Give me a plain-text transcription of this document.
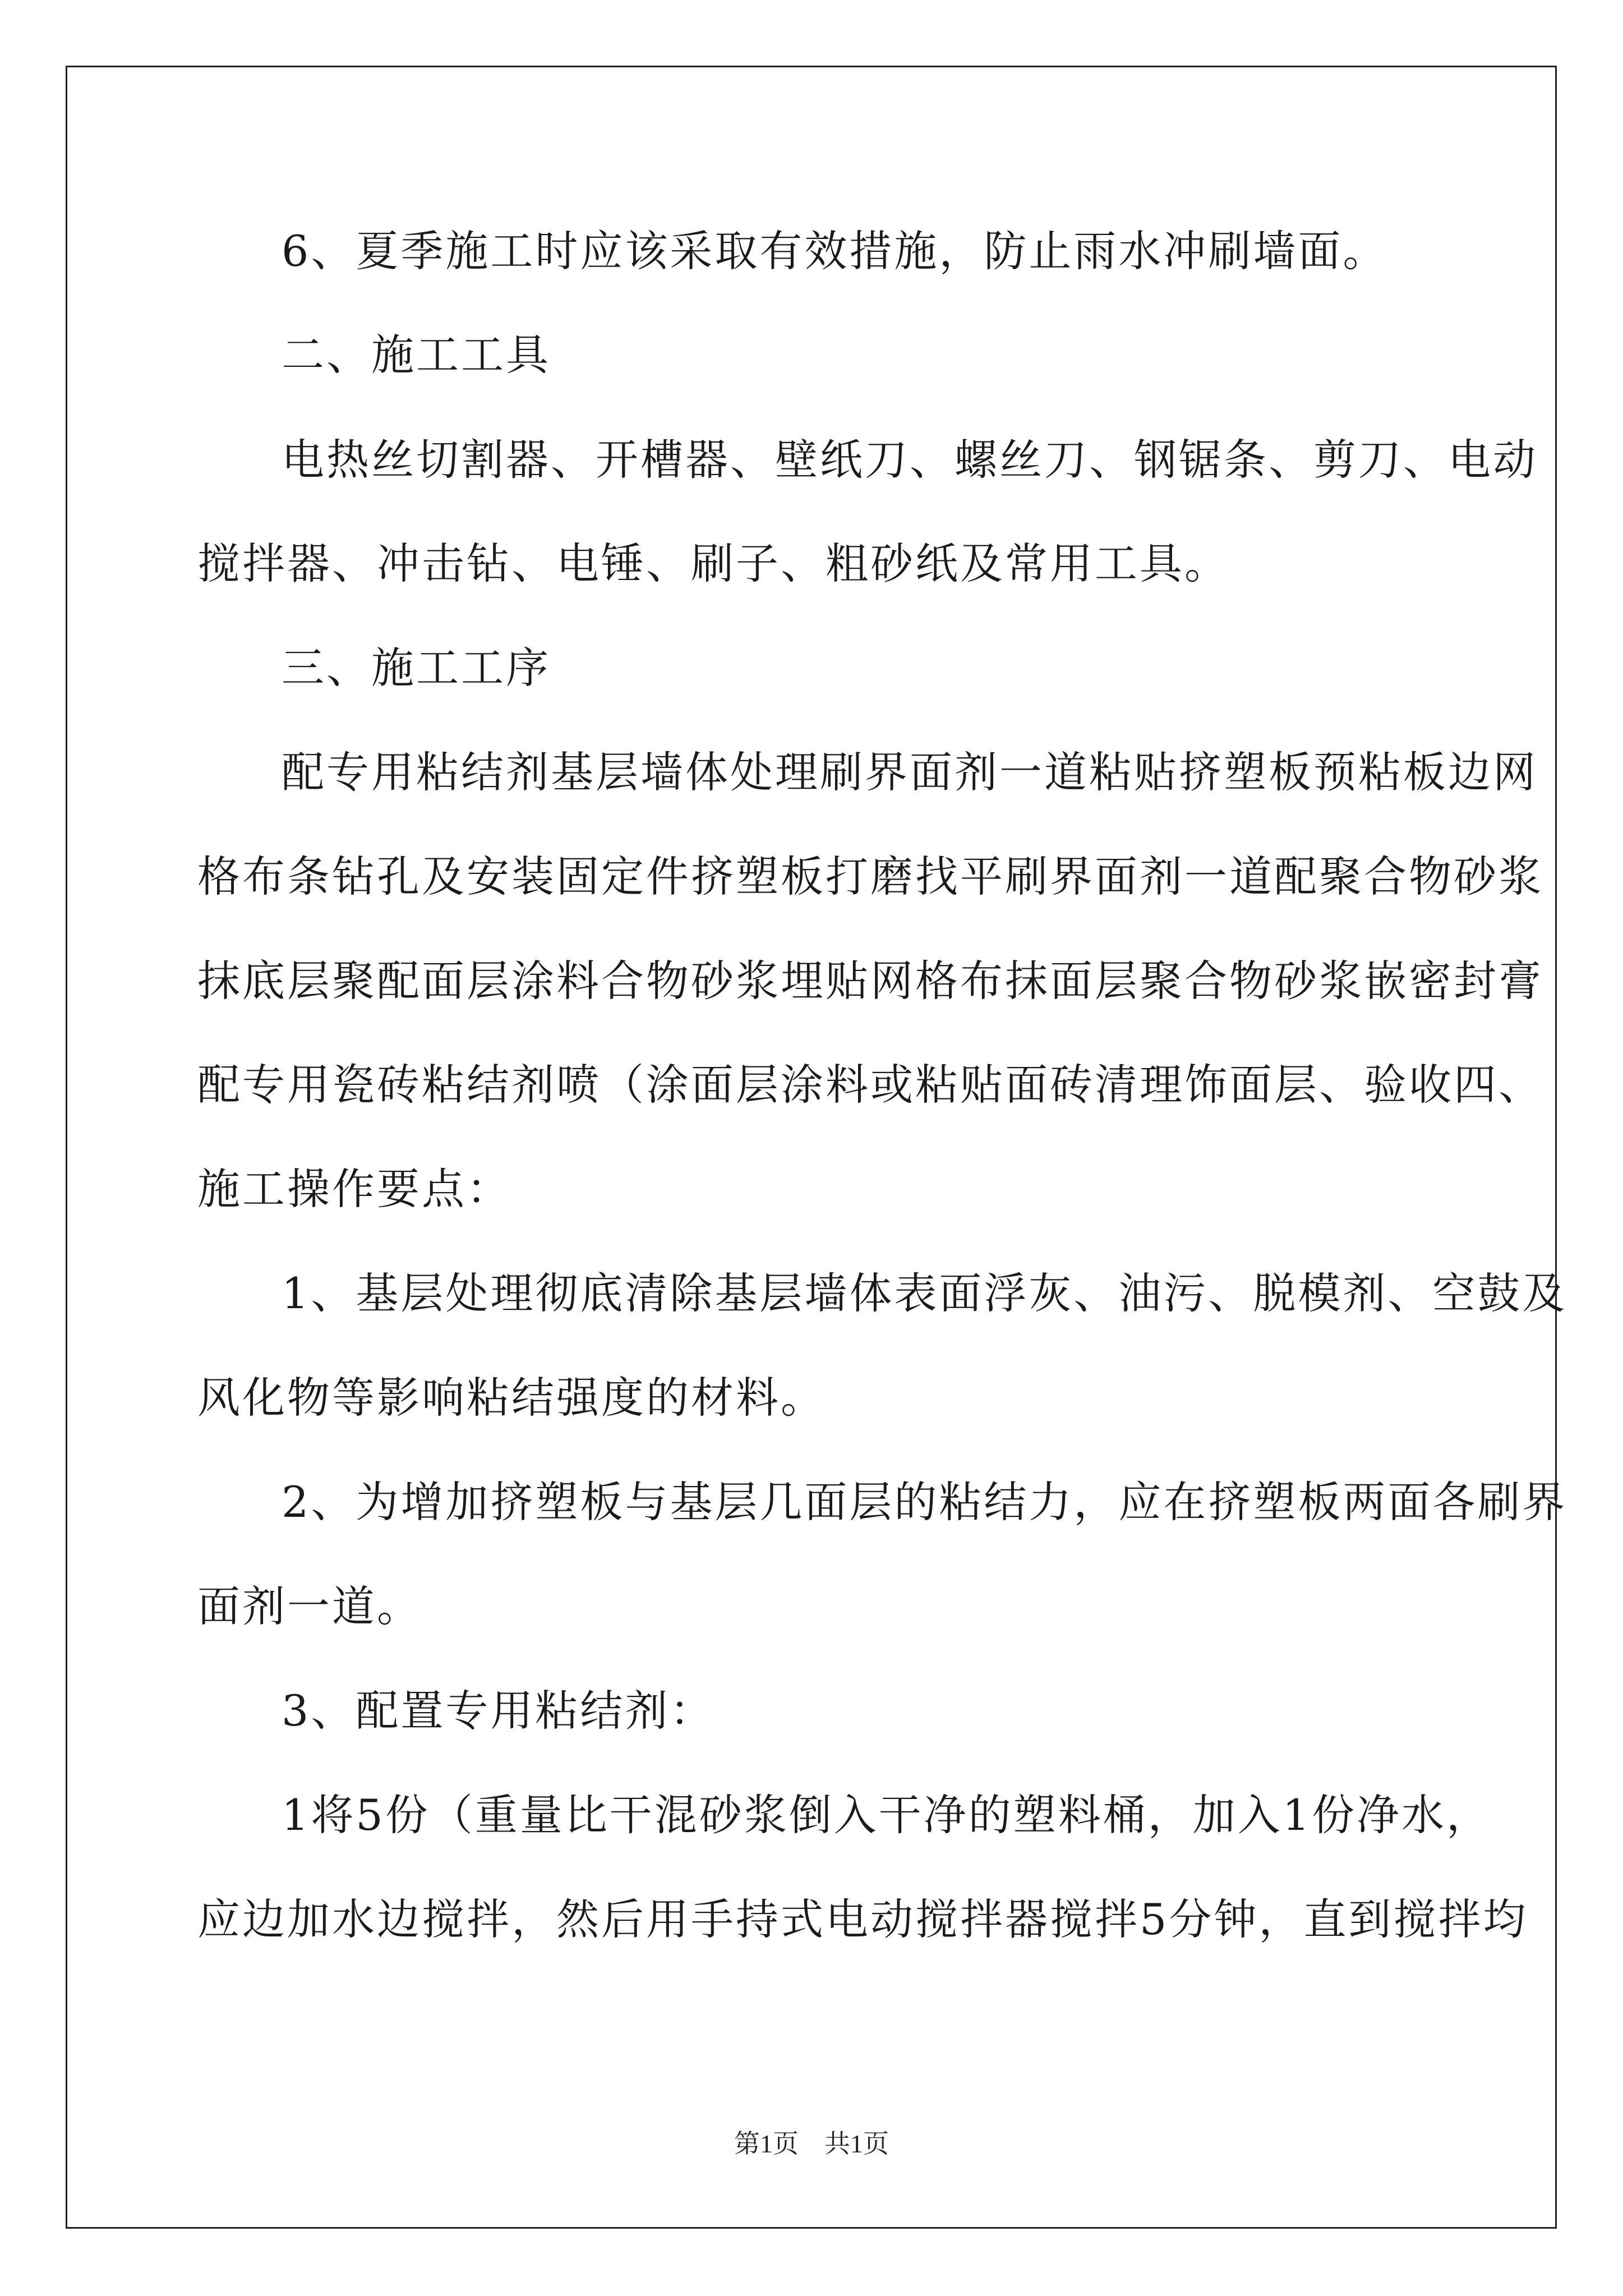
6、夏季施工时应该采取有效措施，防止雨水冲刷墙面。
二、施工工具
电热丝切割器、开槽器、壁纸刀、螺丝刀、钢锯条、剪刀、电动
搅拌器、冲击钻、电锤、刷子、粗砂纸及常用工具。
三、施工工序
配专用粘结剂基层墙体处理刷界面剂一道粘贴挤塑板预粘板边网
格布条钻孔及安装固定件挤塑板打磨找平刷界面剂一道配聚合物砂浆
抹底层聚配面层涂料合物砂浆埋贴网格布抹面层聚合物砂浆嵌密封膏
配专用瓷砖粘结剂喷（涂面层涂料或粘贴面砖清理饰面层、验收四、
施工操作要点：
1、基层处理彻底清除基层墙体表面浮灰、油污、脱模剂、空鼓及
风化物等影响粘结强度的材料。
2、为增加挤塑板与基层几面层的粘结力，应在挤塑板两面各刷界
面剂一道。
3、配置专用粘结剂：
1将5份（重量比干混砂浆倒入干净的塑料桶，加入1份净水，
应边加水边搅拌，然后用手持式电动搅拌器搅拌5分钟，直到搅拌均
第1页　共1页
